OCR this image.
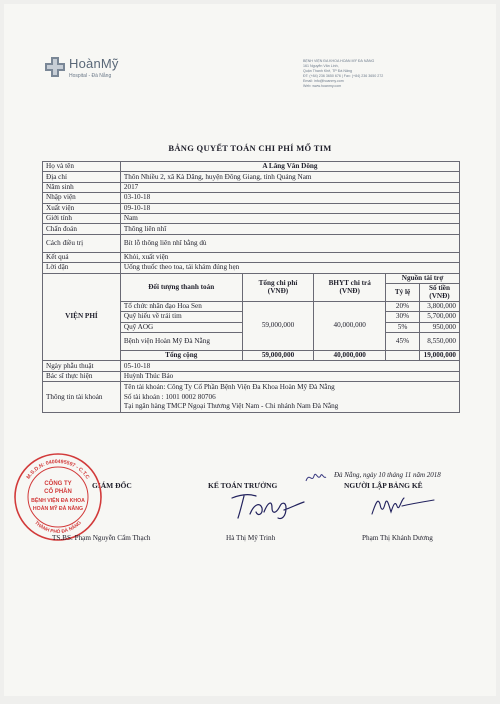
HoànMỹ
Hospital - Đà Nẵng
BỆNH VIỆN ĐA KHOA HOÀN MỸ ĐÀ NẴNG
161 Nguyễn Văn Linh,
Quận Thanh Khê, TP Đà Nẵng
ĐT: (+84) 236 3650 676 | Fax: (+84) 236 3650 272
Email: info@hoanmy.com
Web: www.hoanmy.com
BẢNG QUYẾT TOÁN CHI PHÍ MỔ TIM
Họ và tên	A Lăng Văn Dông				
Địa chỉ	Thôn Nhiều 2, xã Kà Dăng, huyện Đông Giang, tỉnh Quảng Nam				
Năm sinh	2017				
Nhập viện	03-10-18				
Xuất viện	09-10-18				
Giới tính	Nam				
Chẩn đoán	Thông liên nhĩ				
Cách điều trị	Bít lỗ thông liên nhĩ bằng dù				
Kết quả	Khỏi, xuất viện				
Lời dặn	Uống thuốc theo toa, tái khám đúng hẹn				
VIỆN PHÍ	Đối tượng thanh toán	Tổng chi phí (VNĐ)	BHYT chi trả (VNĐ)	Nguồn tài trợ	
				Tỷ lệ	Số tiền (VNĐ)
	Tổ chức nhân đạo Hoa Sen	59,000,000	40,000,000	20%	3,800,000
	Quỹ hiếu về trái tim			30%	5,700,000
	Quỹ AOG			5%	950,000
	Bệnh viện Hoàn Mỹ Đà Nẵng			45%	8,550,000
	Tổng cộng	59,000,000	40,000,000		19,000,000
Ngày phẫu thuật	05-10-18				
Bác sĩ thực hiện	Huỳnh Thúc Bảo				
Thông tin tài khoản	Tên tài khoản: Công Ty Cổ Phần Bệnh Viện Đa Khoa Hoàn Mỹ Đà Nẵng
Số tài khoản : 1001 0002 80706
Tại ngân hàng TMCP Ngoại Thương Việt Nam - Chi nhánh Nam Đà Nẵng				
Đà Nẵng, ngày 10 tháng 11 năm 2018
GIÁM ĐỐC	KẾ TOÁN TRƯỞNG	NGƯỜI LẬP BẢNG KÊ
M.S.D.N: 0400495597 - C.T.C
THÀNH PHỐ ĐÀ NẴNG
CÔNG TY
CỔ PHẦN
BỆNH VIỆN ĐA KHOA
HOÀN MỸ ĐÀ NẴNG
TS.BS. Phạm Nguyễn Cẩm Thạch	Hà Thị Mỹ Trinh	Phạm Thị Khánh Dương
